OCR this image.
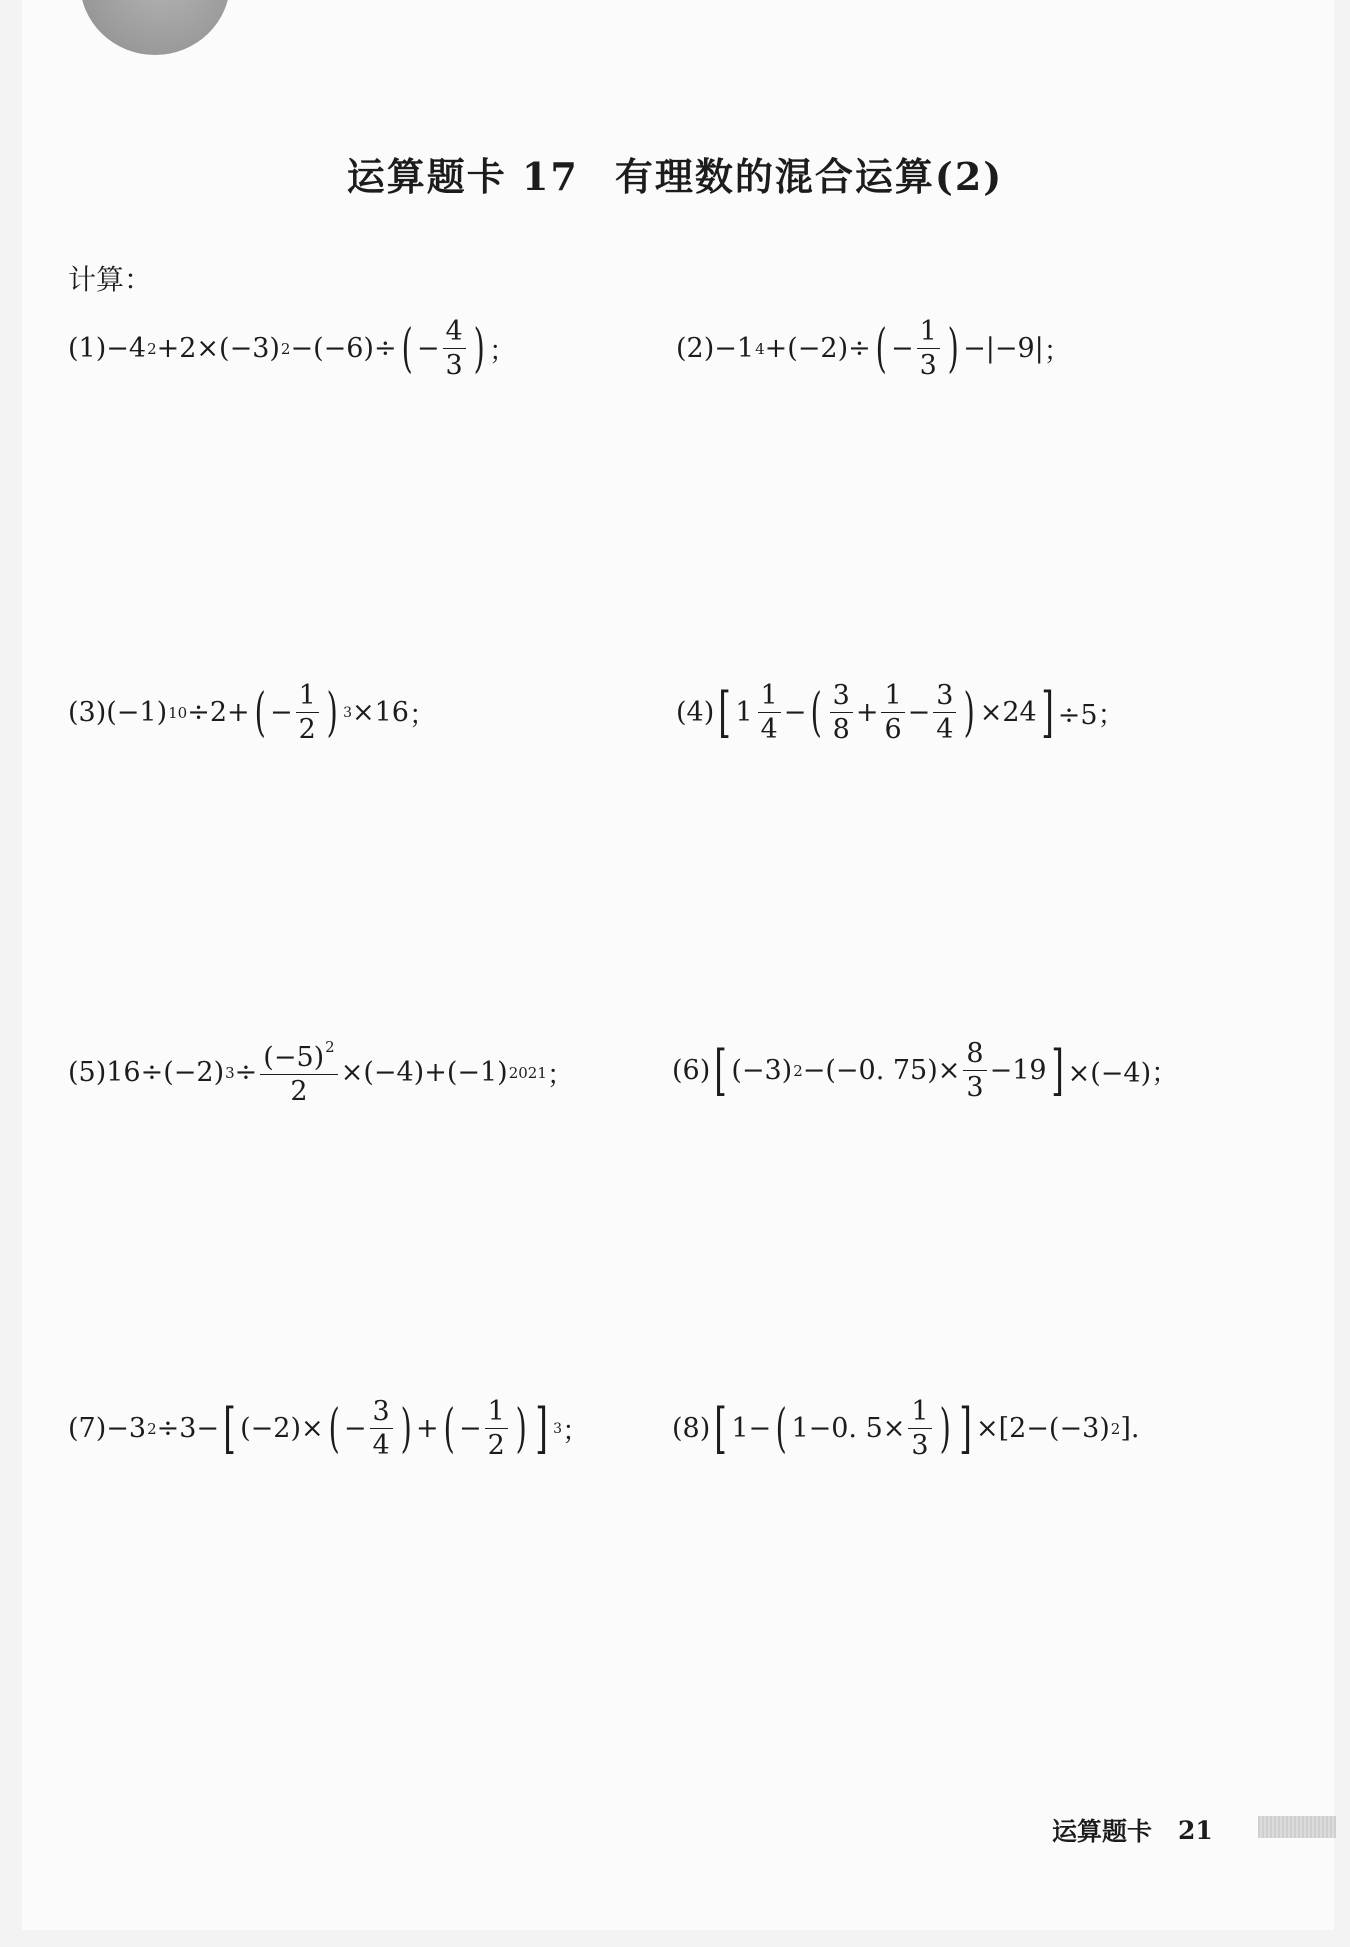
运算题卡 17 有理数的混合运算(2)
计算：
(1) −4 2 +2×(−3) 2 −(−6)÷ ( − $\frac{4}{3}$ ) ；	(2) −1 4 +(−2)÷ ( − $\frac{1}{3}$ ) −|−9| ；
(3) (−1) 10 ÷2+ ( − $\frac{1}{2}$ ) 3 ×16 ；	(4) [ $1 \frac{1}{4}$ − ( $\frac{3}{8} + \frac{1}{6} - \frac{3}{4}$ ) ×24 ] ÷5；
(5) 16÷(−2) $3 \div \frac{(-5)^2}{2} \times(-4)+(-1)$ 2021 ；	(6) [ (−3) 2 −(−0. $75)\times \frac{8}{3} -19$ ] ×(−4)；
(7) −3 2 ÷3− [ (−2)× ( − $\frac{3}{4}$ ) + ( − $\frac{1}{2}$ ) ] 3 ；	(8) [ 1− ( 1−0. $5\times \frac{1}{3}$ ) ] ×[2−(−3) 2 ].
运算题卡 21
